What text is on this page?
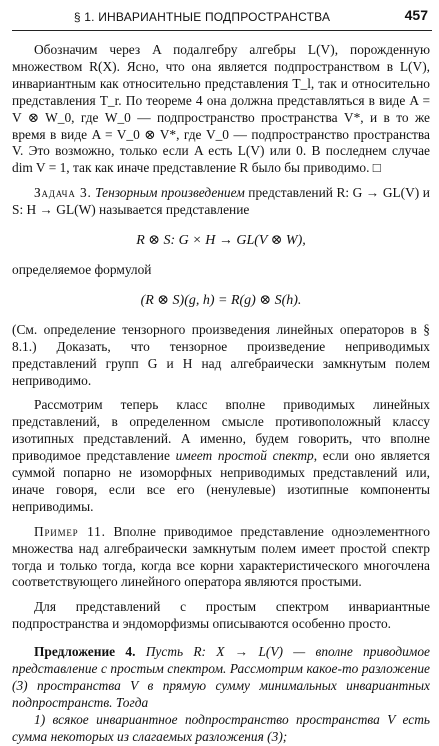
§ 1. ИНВАРИАНТНЫЕ ПОДПРОСТРАНСТВА	457

Обозначим через A подалгебру алгебры L(V), порожденную множеством R(X). Ясно, что она является подпространством в L(V), инвариантным как относительно представления T_l, так и относительно представления T_r. По теореме 4 она должна представляться в виде A = V ⊗ W_0, где W_0 — подпространство пространства V*, и в то же время в виде A = V_0 ⊗ V*, где V_0 — подпространство пространства V. Это возможно, только если A есть L(V) или 0. В последнем случае dim V = 1, так как иначе представление R было бы приводимо. □

Задача 3. Тензорным произведением представлений R: G → GL(V) и S: H → GL(W) называется представление

R ⊗ S: G × H → GL(V ⊗ W),

определяемое формулой

(R ⊗ S)(g, h) = R(g) ⊗ S(h).

(См. определение тензорного произведения линейных операторов в § 8.1.) Доказать, что тензорное произведение неприводимых представлений групп G и H над алгебраически замкнутым полем неприводимо.

Рассмотрим теперь класс вполне приводимых линейных представлений, в определенном смысле противоположный классу изотипных представлений. А именно, будем говорить, что вполне приводимое представление имеет простой спектр, если оно является суммой попарно не изоморфных неприводимых представлений или, иначе говоря, если все его (ненулевые) изотипные компоненты неприводимы.

Пример 11. Вполне приводимое представление одноэлементного множества над алгебраически замкнутым полем имеет простой спектр тогда и только тогда, когда все корни характеристического многочлена соответствующего линейного оператора являются простыми.

Для представлений с простым спектром инвариантные подпространства и эндоморфизмы описываются особенно просто.

Предложение 4. Пусть R: X → L(V) — вполне приводимое представление с простым спектром. Рассмотрим какое-то разложение (3) пространства V в прямую сумму минимальных инвариантных подпространств. Тогда

1) всякое инвариантное подпространство пространства V есть сумма некоторых из слагаемых разложения (3);
